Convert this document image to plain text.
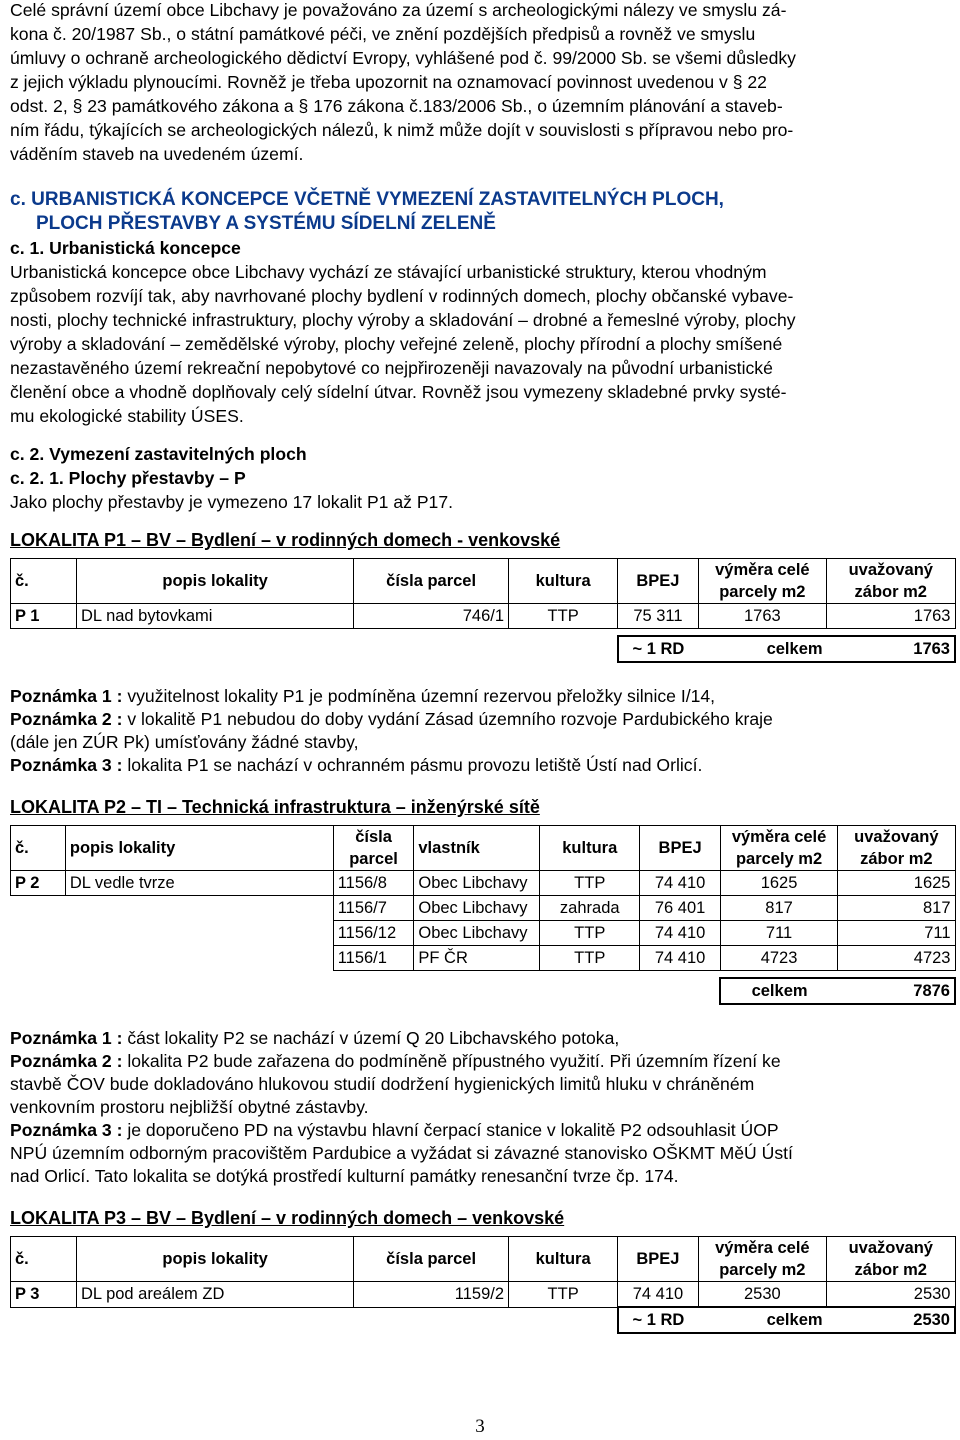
Celé správní území obce Libchavy je považováno za území s archeologickými nálezy ve smyslu zá-

kona č. 20/1987 Sb., o státní památkové péči, ve znění pozdějších předpisů a rovněž ve smyslu

úmluvy o ochraně archeologického dědictví Evropy, vyhlášené pod č. 99/2000 Sb. se všemi důsledky

z jejich výkladu plynoucími. Rovněž je třeba upozornit na oznamovací povinnost uvedenou v § 22

odst. 2, § 23 památkového zákona a § 176 zákona č.183/2006 Sb., o územním plánování a staveb-

ním řádu, týkajících se archeologických nálezů, k nimž může dojít v souvislosti s přípravou nebo pro-

váděním staveb na uvedeném území.

c. URBANISTICKÁ KONCEPCE VČETNĚ VYMEZENÍ ZASTAVITELNÝCH PLOCH,
PLOCH PŘESTAVBY A SYSTÉMU SÍDELNÍ ZELENĚ

c. 1. Urbanistická koncepce

Urbanistická koncepce obce Libchavy vychází ze stávající urbanistické struktury, kterou vhodným

způsobem rozvíjí tak, aby navrhované plochy bydlení v rodinných domech, plochy občanské vybave-

nosti, plochy technické infrastruktury, plochy výroby a skladování – drobné a řemeslné výroby, plochy

výroby a skladování – zemědělské výroby, plochy veřejné zeleně, plochy přírodní a plochy smíšené

nezastavěného území rekreační nepobytové co nejpřirozeněji navazovaly na původní urbanistické

členění obce a vhodně doplňovaly celý sídelní útvar. Rovněž jsou vymezeny skladebné prvky systé-

mu ekologické stability ÚSES.

c. 2. Vymezení zastavitelných ploch

c. 2. 1. Plochy přestavby – P

Jako plochy přestavby je vymezeno 17 lokalit P1 až P17.

LOKALITA P1 – BV – Bydlení – v rodinných domech - venkovské

č.	popis lokality	čísla parcel	kultura	BPEJ	výměra celé parcely m2	uvažovaný zábor m2
P 1	DL nad bytovkami	746/1	TTP	75 311	1763	1763

				~ 1 RD	celkem	1763

Poznámka 1 : využitelnost lokality P1 je podmíněna územní rezervou přeložky silnice I/14,

Poznámka 2 : v lokalitě P1 nebudou do doby vydání Zásad územního rozvoje Pardubického kraje

(dále jen ZÚR Pk) umísťovány žádné stavby,

Poznámka 3 : lokalita P1 se nachází v ochranném pásmu provozu letiště Ústí nad Orlicí.

LOKALITA P2 – TI – Technická infrastruktura – inženýrské sítě

č.	popis lokality	čísla parcel	vlastník	kultura	BPEJ	výměra celé parcely m2	uvažovaný zábor m2
P 2	DL vedle tvrze	1156/8	Obec Libchavy	TTP	74 410	1625	1625
		1156/7	Obec Libchavy	zahrada	76 401	817	817
		1156/12	Obec Libchavy	TTP	74 410	711	711
		1156/1	PF ČR	TTP	74 410	4723	4723

						celkem	7876

Poznámka 1 : část lokality P2 se nachází v území Q 20 Libchavského potoka,

Poznámka 2 : lokalita P2 bude zařazena do podmíněně přípustného využití. Při územním řízení ke

stavbě ČOV bude dokladováno hlukovou studií dodržení hygienických limitů hluku v chráněném

venkovním prostoru nejbližší obytné zástavby.

Poznámka 3 : je doporučeno PD na výstavbu hlavní čerpací stanice v lokalitě P2 odsouhlasit ÚOP

NPÚ územním odborným pracovištěm Pardubice a vyžádat si závazné stanovisko OŠKMT MěÚ Ústí

nad Orlicí. Tato lokalita se dotýká prostředí kulturní památky renesanční tvrze čp. 174.

LOKALITA P3 – BV – Bydlení – v rodinných domech – venkovské

č.	popis lokality	čísla parcel	kultura	BPEJ	výměra celé parcely m2	uvažovaný zábor m2
P 3	DL pod areálem ZD	1159/2	TTP	74 410	2530	2530
				~ 1 RD	celkem	2530
3
